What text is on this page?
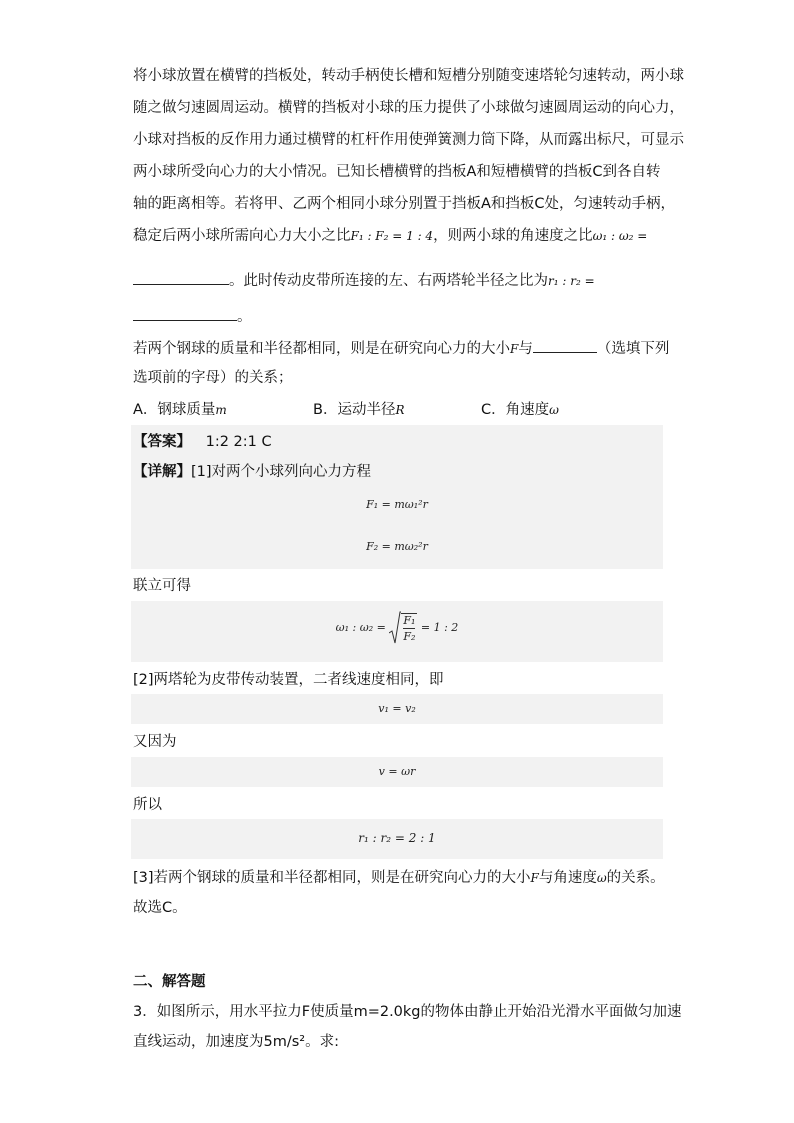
将小球放置在横臂的挡板处，转动手柄使长槽和短槽分别随变速塔轮匀速转动，两小球
随之做匀速圆周运动。横臂的挡板对小球的压力提供了小球做匀速圆周运动的向心力，
小球对挡板的反作用力通过横臂的杠杆作用使弹簧测力筒下降，从而露出标尺，可显示
两小球所受向心力的大小情况。已知长槽横臂的挡板A和短槽横臂的挡板C到各自转
轴的距离相等。若将甲、乙两个相同小球分别置于挡板A和挡板C处，匀速转动手柄，
稳定后两小球所需向心力大小之比F₁ : F₂ = 1 : 4，则两小球的角速度之比ω₁ : ω₂ =
。此时传动皮带所连接的左、右两塔轮半径之比为r₁ : r₂ =
。
若两个钢球的质量和半径都相同，则是在研究向心力的大小F与	（选填下列
选项前的字母）的关系；
A．钢球质量m	B．运动半径R	C．角速度ω
【答案】 1:2 2:1 C
【详解】[1]对两个小球列向心力方程
F₁ = mω₁²r
F₂ = mω₂²r
联立可得
ω₁ : $\omega_2 = \frac{\text{F₁}}{\text{F₂}} = 1$ : 2
[2]两塔轮为皮带传动装置，二者线速度相同，即
v₁ = v₂
又因为
v = ωr
所以
r₁ : r₂ = 2 : 1
[3]若两个钢球的质量和半径都相同，则是在研究向心力的大小F与角速度ω的关系。
故选C。
二、解答题
3．如图所示，用水平拉力F使质量m=2.0kg的物体由静止开始沿光滑水平面做匀加速
直线运动，加速度为5m/s²。求:
